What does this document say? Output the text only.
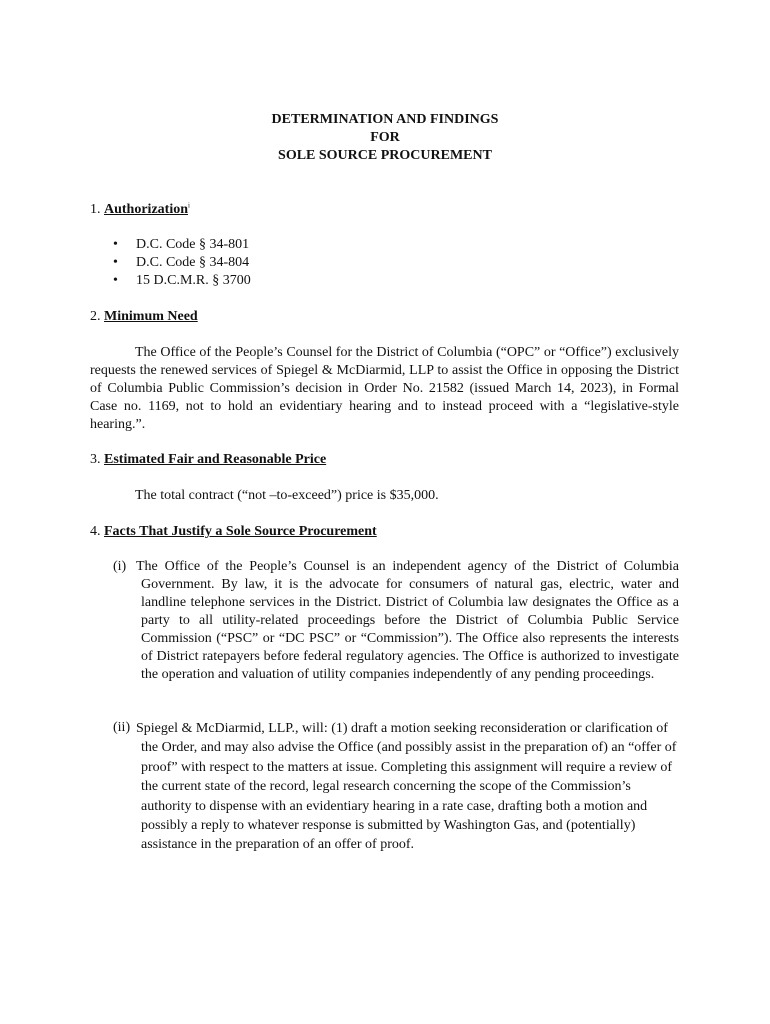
DETERMINATION AND FINDINGS
FOR
SOLE SOURCE PROCUREMENT
1. Authorization$^i$
• D.C. Code § 34-801
• D.C. Code § 34-804
• 15 D.C.M.R. § 3700
2. Minimum Need

The Office of the People’s Counsel for the District of Columbia (“OPC” or “Office”) exclusively requests the renewed services of Spiegel & McDiarmid, LLP to assist the Office in opposing the District of Columbia Public Commission’s decision in Order No. 21582 (issued March 14, 2023), in Formal Case no. 1169, not to hold an evidentiary hearing and to instead proceed with a “legislative-style hearing.”.

3. Estimated Fair and Reasonable Price
The total contract (“not –to-exceed”) price is $35,000.
4. Facts That Justify a Sole Source Procurement
(i) The Office of the People’s Counsel is an independent agency of the District of Columbia Government. By law, it is the advocate for consumers of natural gas, electric, water and landline telephone services in the District. District of Columbia law designates the Office as a party to all utility-related proceedings before the District of Columbia Public Service Commission (“PSC” or “DC PSC” or “Commission”). The Office also represents the interests of District ratepayers before federal regulatory agencies. The Office is authorized to investigate the operation and valuation of utility companies independently of any pending proceedings.
(ii) Spiegel & McDiarmid, LLP., will: (1) draft a motion seeking reconsideration or clarification of the Order, and may also advise the Office (and possibly assist in the preparation of) an “offer of proof” with respect to the matters at issue. Completing this assignment will require a review of the current state of the record, legal research concerning the scope of the Commission’s authority to dispense with an evidentiary hearing in a rate case, drafting both a motion and possibly a reply to whatever response is submitted by Washington Gas, and (potentially) assistance in the preparation of an offer of proof.
